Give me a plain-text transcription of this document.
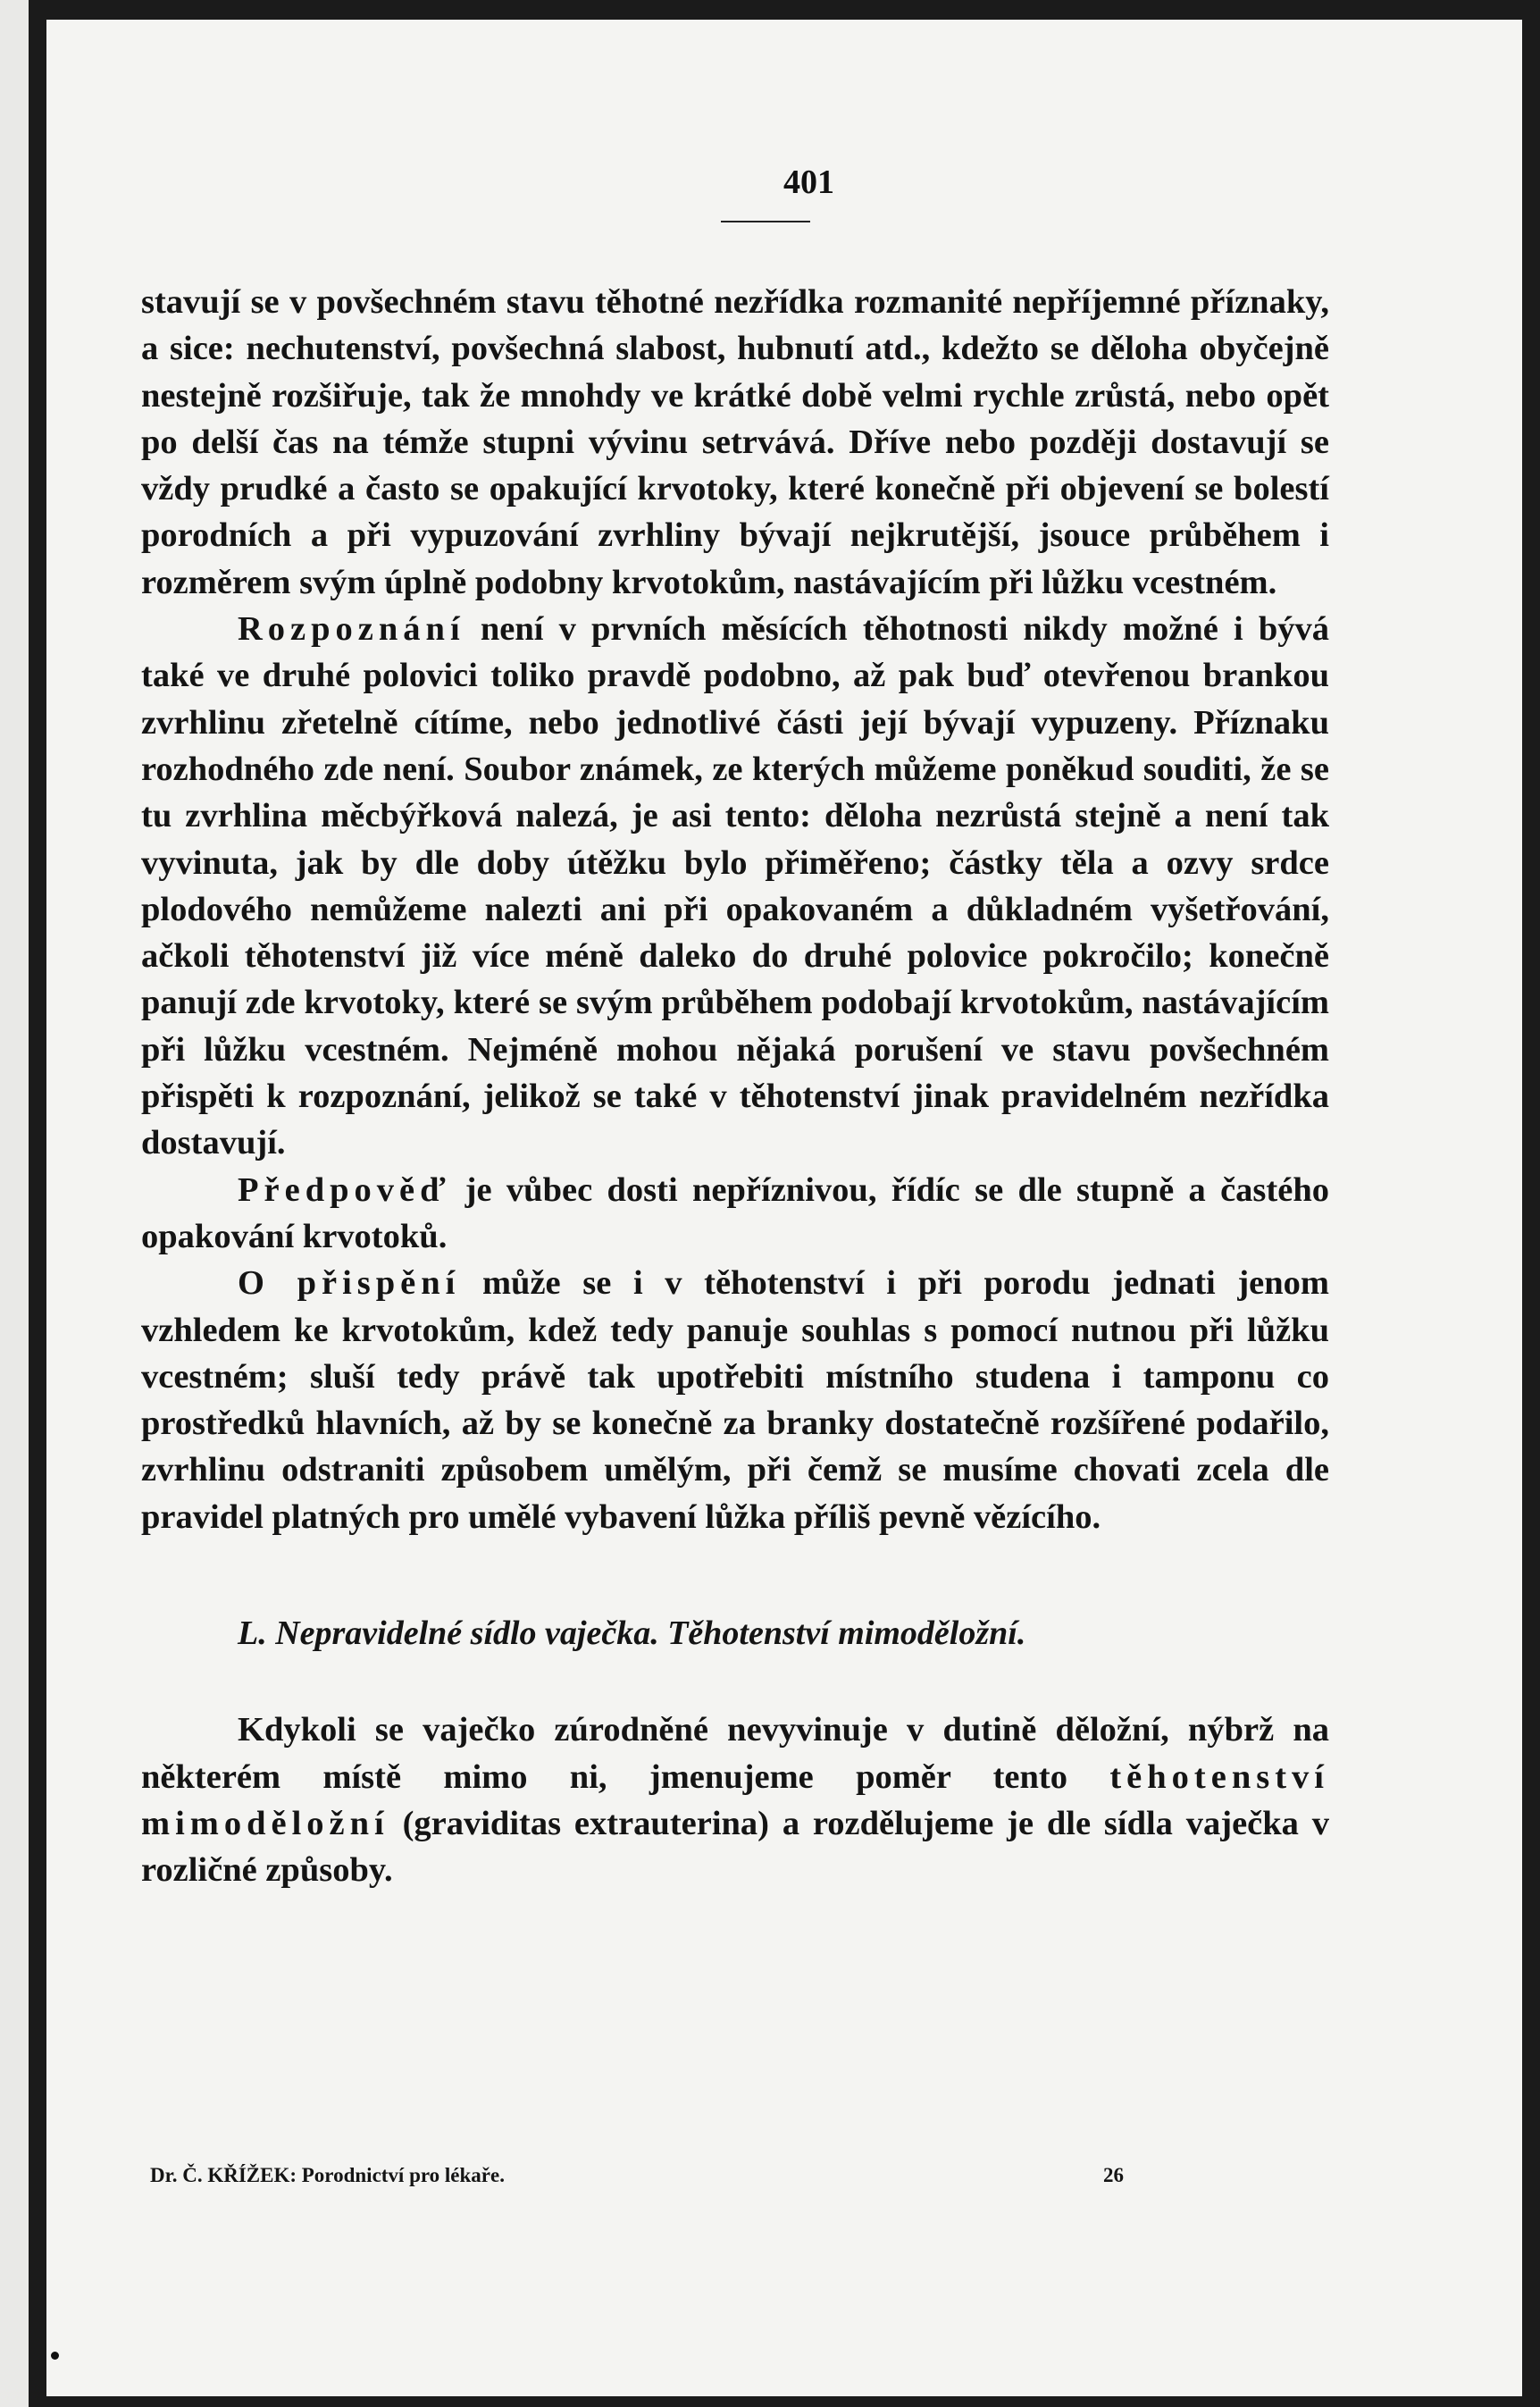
401

stavují se v povšechném stavu těhotné nezřídka rozmanité nepříjemné příznaky, a sice: nechutenství, povšechná slabost, hubnutí atd., kdežto se děloha obyčejně nestejně rozšiřuje, tak že mnohdy ve krátké době velmi rychle zrůstá, nebo opět po delší čas na témže stupni vývinu setrvává. Dříve nebo později dostavují se vždy prudké a často se opakující krvotoky, které konečně při objevení se bolestí porodních a při vypuzování zvrhliny bývají nejkrutější, jsouce průběhem i rozměrem svým úplně podobny krvotokům, nastávajícím při lůžku vcestném.

Rozpoznání není v prvních měsících těhotnosti nikdy možné i bývá také ve druhé polovici toliko pravdě podobno, až pak buď otevřenou brankou zvrhlinu zřetelně cítíme, nebo jednotlivé části její bývají vypuzeny. Příznaku rozhodného zde není. Soubor známek, ze kterých můžeme poněkud souditi, že se tu zvrhlina měcbýřková nalezá, je asi tento: děloha nezrůstá stejně a není tak vyvinuta, jak by dle doby útěžku bylo přiměřeno; částky těla a ozvy srdce plodového nemůžeme nalezti ani při opakovaném a důkladném vyšetřování, ačkoli těhotenství již více méně daleko do druhé polovice pokročilo; konečně panují zde krvotoky, které se svým průběhem podobají krvotokům, nastávajícím při lůžku vcestném. Nejméně mohou nějaká porušení ve stavu povšechném přispěti k rozpoznání, jelikož se také v těhotenství jinak pravidelném nezřídka dostavují.

Předpověď je vůbec dosti nepříznivou, řídíc se dle stupně a častého opakování krvotoků.

O přispění může se i v těhotenství i při porodu jednati jenom vzhledem ke krvotokům, kdež tedy panuje souhlas s pomocí nutnou při lůžku vcestném; sluší tedy právě tak upotřebiti místního studena i tamponu co prostředků hlavních, až by se konečně za branky dostatečně rozšířené podařilo, zvrhlinu odstraniti způsobem umělým, při čemž se musíme chovati zcela dle pravidel platných pro umělé vybavení lůžka příliš pevně vězícího.

L. Nepravidelné sídlo vaječka. Těhotenství mimoděložní.

Kdykoli se vaječko zúrodněné nevyvinuje v dutině děložní, nýbrž na některém místě mimo ni, jmenujeme poměr tento těhotenství mimoděložní (graviditas extrauterina) a rozdělujeme je dle sídla vaječka v rozličné způsoby.

Dr. Č. KŘÍŽEK: Porodnictví pro lékaře.	26
